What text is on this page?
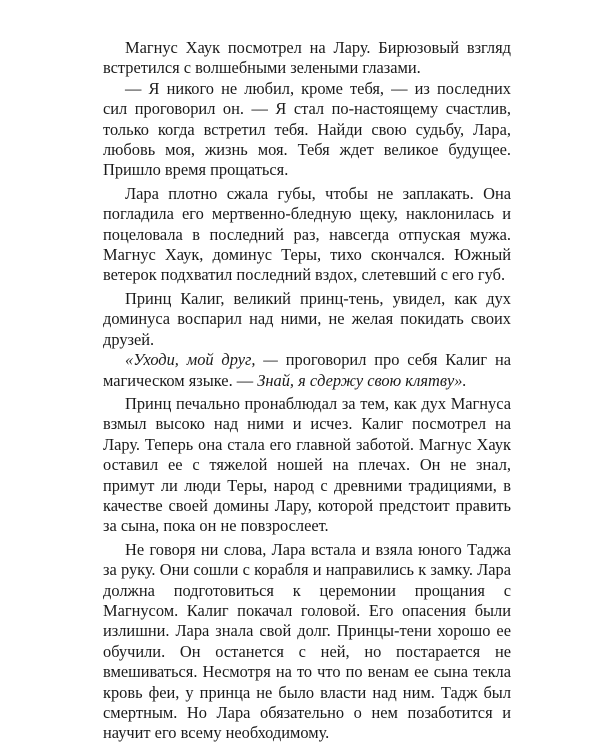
Магнус Хаук посмотрел на Лару. Бирюзовый взгляд встретился с волшебными зелеными глазами.

— Я никого не любил, кроме тебя, — из последних сил проговорил он. — Я стал по-настоящему счастлив, только когда встретил тебя. Найди свою судьбу, Лара, любовь моя, жизнь моя. Тебя ждет великое будущее. Пришло время прощаться.

Лара плотно сжала губы, чтобы не заплакать. Она погладила его мертвенно-бледную щеку, наклонилась и поцеловала в последний раз, навсегда отпуская мужа. Магнус Хаук, доминус Теры, тихо скончался. Южный ветерок подхватил последний вздох, слетевший с его губ.

Принц Калиг, великий принц-тень, увидел, как дух доминуса воспарил над ними, не желая покидать своих друзей.

«Уходи, мой друг, — проговорил про себя Калиг на магическом языке. — Знай, я сдержу свою клятву».

Принц печально пронаблюдал за тем, как дух Магнуса взмыл высоко над ними и исчез. Калиг посмотрел на Лару. Теперь она стала его главной заботой. Магнус Хаук оставил ее с тяжелой ношей на плечах. Он не знал, примут ли люди Теры, народ с древними традициями, в качестве своей домины Лару, которой предстоит править за сына, пока он не повзрослеет.

Не говоря ни слова, Лара встала и взяла юного Таджа за руку. Они сошли с корабля и направились к замку. Лара должна подготовиться к церемонии прощания с Магнусом. Калиг покачал головой. Его опасения были излишни. Лара знала свой долг. Принцы-тени хорошо ее обучили. Он останется с ней, но постарается не вмешиваться. Несмотря на то что по венам ее сына текла кровь феи, у принца не было власти над ним. Тадж был смертным. Но Лара обязательно о нем позаботится и научит его всему необходимому.
